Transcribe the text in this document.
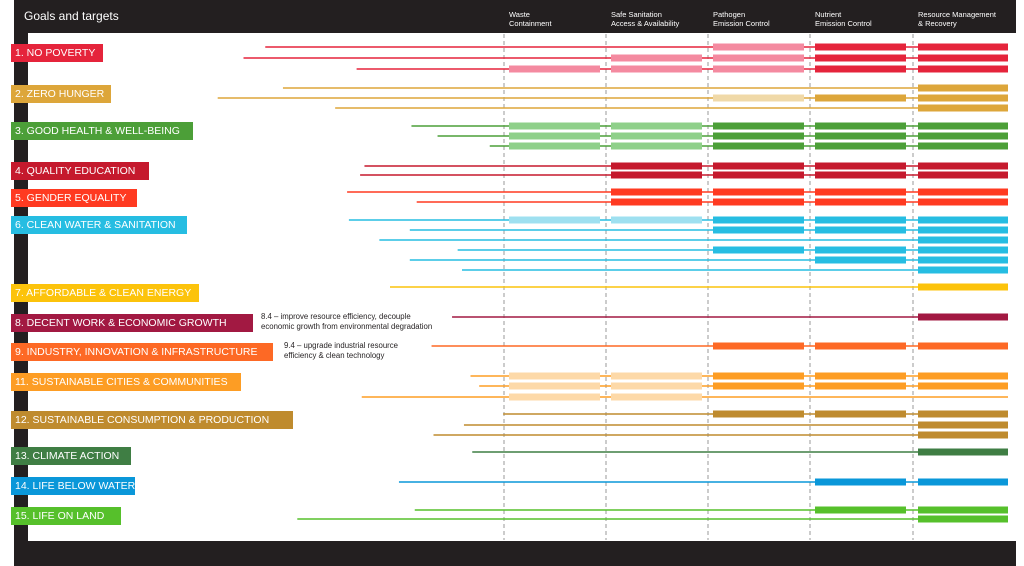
Goals and targets	Waste
Containment
Safe Sanitation
Access & Availability
Pathogen
Emission Control
Nutrient
Emission Control
Resource Management
& Recovery
1. NO POVERTY
2. ZERO HUNGER
3. GOOD HEALTH & WELL-BEING
4. QUALITY EDUCATION
5. GENDER EQUALITY
6. CLEAN WATER & SANITATION
7. AFFORDABLE & CLEAN ENERGY
8. DECENT WORK & ECONOMIC GROWTH
8.4 – improve resource efficiency, decouple
economic growth from environmental degradation
9. INDUSTRY, INNOVATION & INFRASTRUCTURE
9.4 – upgrade industrial resource
efficiency & clean technology
11. SUSTAINABLE CITIES & COMMUNITIES
12. SUSTAINABLE CONSUMPTION & PRODUCTION
13. CLIMATE ACTION
14. LIFE BELOW WATER
15. LIFE ON LAND
